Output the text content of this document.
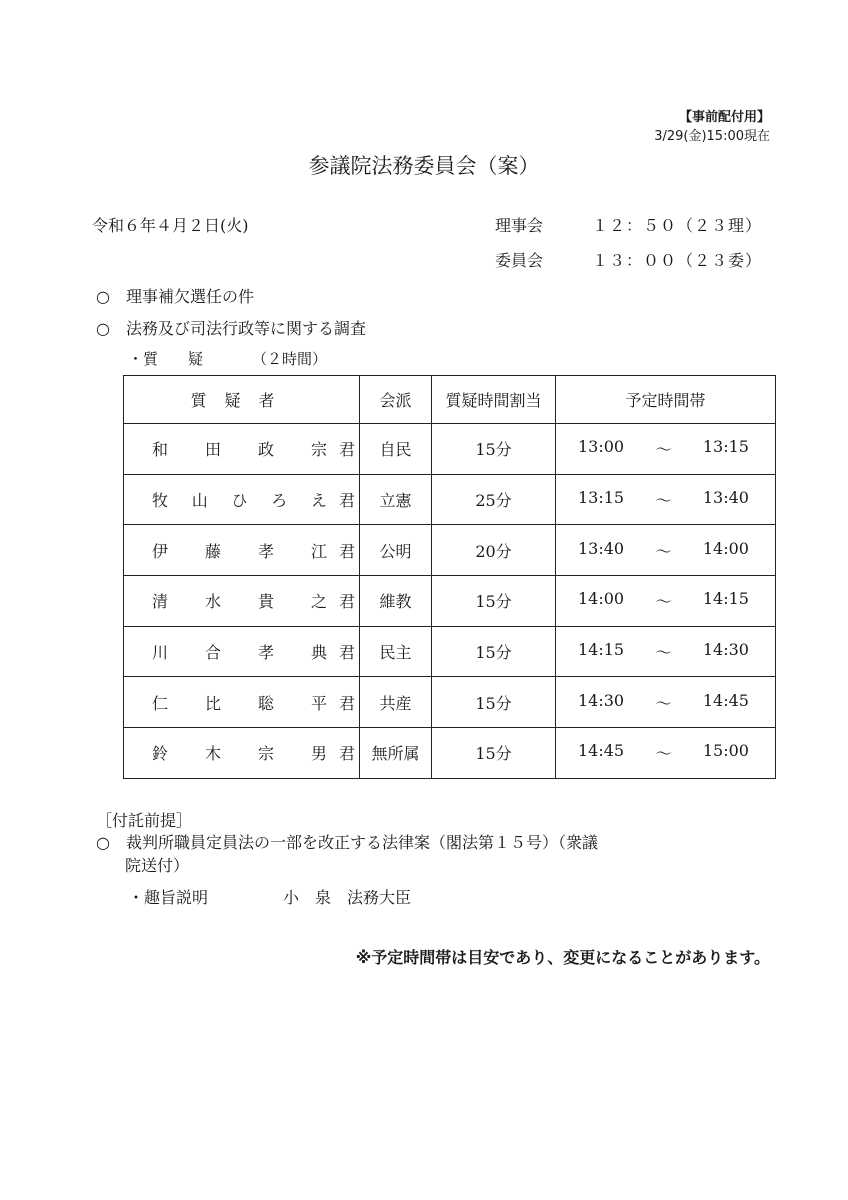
【事前配付用】
3/29(金)15:00現在
参議院法務委員会（案）
令和６年４月２日(火)	理事会	１２：５０（２３理）
委員会	１３：００（２３委）
○　理事補欠選任の件
○　法務及び司法行政等に関する調査
・質　　疑	（２時間）
質疑者	会派	質疑時間割当	予定時間帯
和田政宗 君	自民	15分	13:00 ～ 13:15

牧山ひろえ 君	立憲	25分	13:15 ～ 13:40

伊藤孝江 君	公明	20分	13:40 ～ 14:00

清水貴之 君	維教	15分	14:00 ～ 14:15

川合孝典 君	民主	15分	14:15 ～ 14:30

仁比聡平 君	共産	15分	14:30 ～ 14:45

鈴木宗男 君	無所属	15分	14:45 ～ 15:00
［付託前提］
○　裁判所職員定員法の一部を改正する法律案（閣法第１５号）（衆議
院送付）
・趣旨説明	小　泉　法務大臣
※予定時間帯は目安であり、変更になることがあります。
